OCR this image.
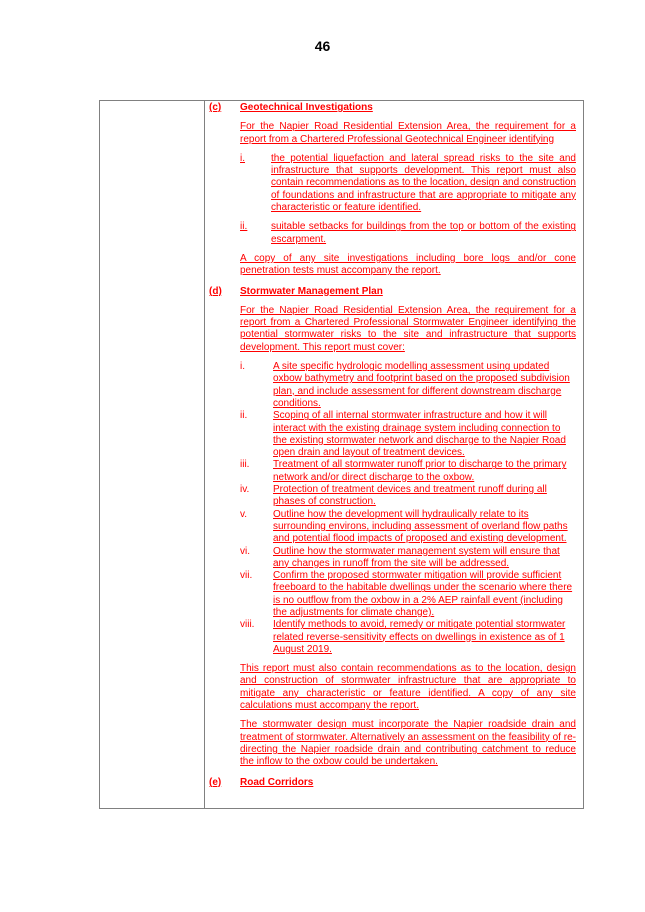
46
(c)	Geotechnical Investigations
For the Napier Road Residential Extension Area, the requirement for a report from a Chartered Professional Geotechnical Engineer identifying
i.	the potential liquefaction and lateral spread risks to the site and infrastructure that supports development. This report must also contain recommendations as to the location, design and construction of foundations and infrastructure that are appropriate to mitigate any characteristic or feature identified.
ii.	suitable setbacks for buildings from the top or bottom of the existing escarpment.
A copy of any site investigations including bore logs and/or cone penetration tests must accompany the report.
(d)	Stormwater Management Plan
For the Napier Road Residential Extension Area, the requirement for a report from a Chartered Professional Stormwater Engineer identifying the potential stormwater risks to the site and infrastructure that supports development. This report must cover:
i.	A site specific hydrologic modelling assessment using updated oxbow bathymetry and footprint based on the proposed subdivision plan, and include assessment for different downstream discharge conditions.
ii.	Scoping of all internal stormwater infrastructure and how it will interact with the existing drainage system including connection to the existing stormwater network and discharge to the Napier Road open drain and layout of treatment devices.
iii.	Treatment of all stormwater runoff prior to discharge to the primary network and/or direct discharge to the oxbow.
iv.	Protection of treatment devices and treatment runoff during all phases of construction.
v.	Outline how the development will hydraulically relate to its surrounding environs, including assessment of overland flow paths and potential flood impacts of proposed and existing development.
vi.	Outline how the stormwater management system will ensure that any changes in runoff from the site will be addressed.
vii.	Confirm the proposed stormwater mitigation will provide sufficient freeboard to the habitable dwellings under the scenario where there is no outflow from the oxbow in a 2% AEP rainfall event (including the adjustments for climate change).
viii.	Identify methods to avoid, remedy or mitigate potential stormwater related reverse-sensitivity effects on dwellings in existence as of 1 August 2019.
This report must also contain recommendations as to the location, design and construction of stormwater infrastructure that are appropriate to mitigate any characteristic or feature identified. A copy of any site calculations must accompany the report.
The stormwater design must incorporate the Napier roadside drain and treatment of stormwater. Alternatively an assessment on the feasibility of re-directing the Napier roadside drain and contributing catchment to reduce the inflow to the oxbow could be undertaken.
(e)	Road Corridors
